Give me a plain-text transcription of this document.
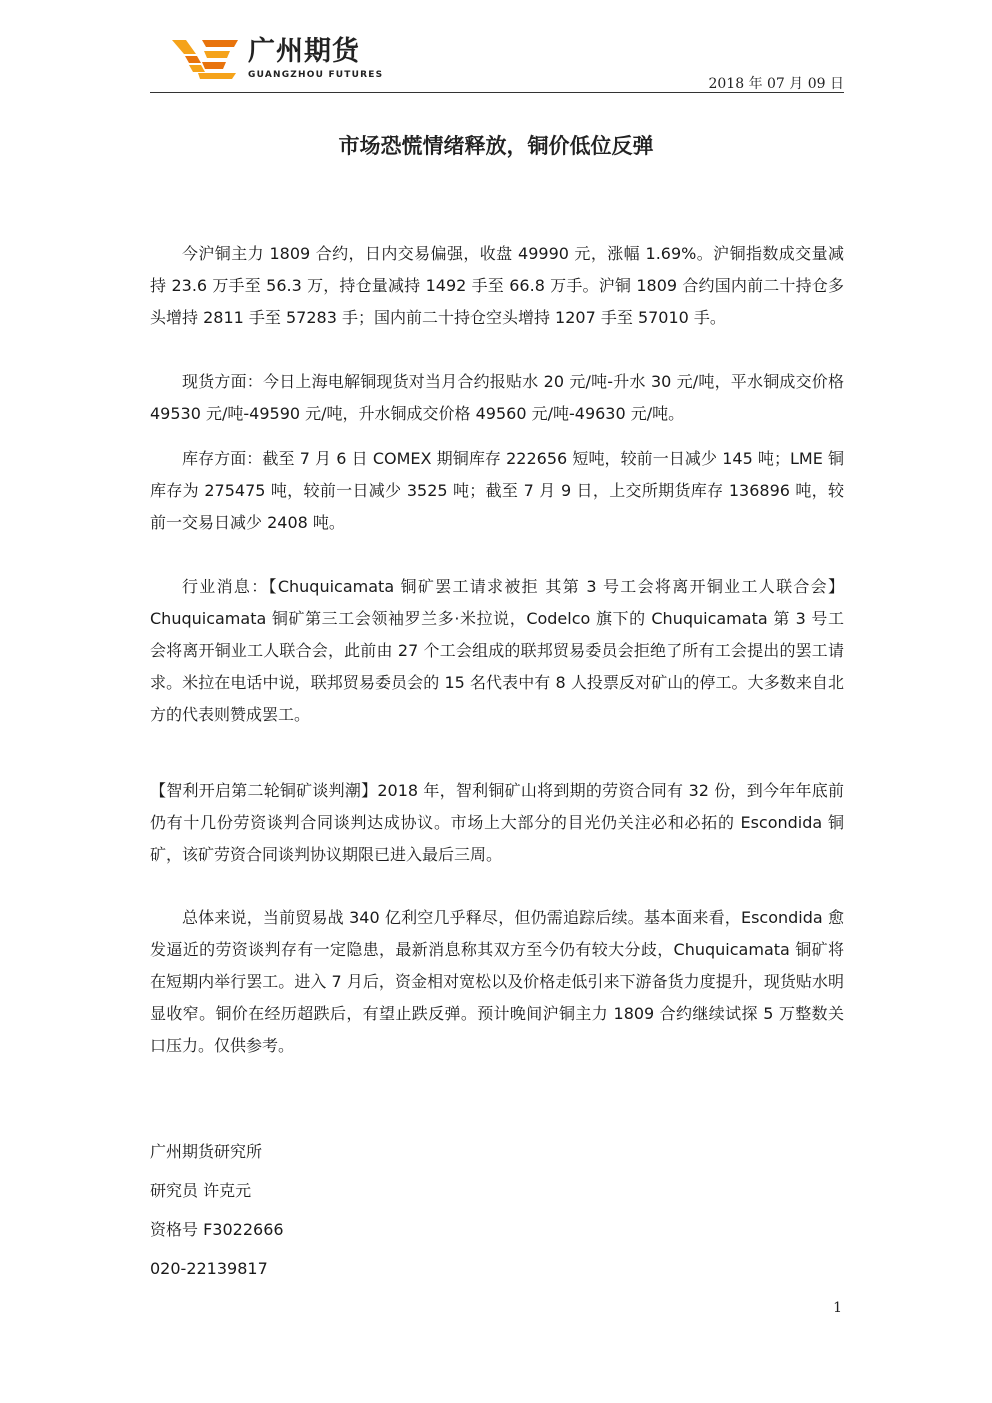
广州期货
GUANGZHOU FUTURES
2018 年 07 月 09 日
市场恐慌情绪释放，铜价低位反弹

今沪铜主力 1809 合约，日内交易偏强，收盘 49990 元，涨幅 1.69%。沪铜指数成交量减持 23.6 万手至 56.3 万，持仓量减持 1492 手至 66.8 万手。沪铜 1809 合约国内前二十持仓多头增持 2811 手至 57283 手；国内前二十持仓空头增持 1207 手至 57010 手。

现货方面：今日上海电解铜现货对当月合约报贴水 20 元/吨-升水 30 元/吨，平水铜成交价格 49530 元/吨-49590 元/吨，升水铜成交价格 49560 元/吨-49630 元/吨。

库存方面：截至 7 月 6 日 COMEX 期铜库存 222656 短吨，较前一日减少 145 吨；LME 铜库存为 275475 吨，较前一日减少 3525 吨；截至 7 月 9 日，上交所期货库存 136896 吨，较前一交易日减少 2408 吨。

行业消息：【Chuquicamata 铜矿罢工请求被拒 其第 3 号工会将离开铜业工人联合会】Chuquicamata 铜矿第三工会领袖罗兰多·米拉说，Codelco 旗下的 Chuquicamata 第 3 号工会将离开铜业工人联合会，此前由 27 个工会组成的联邦贸易委员会拒绝了所有工会提出的罢工请求。米拉在电话中说，联邦贸易委员会的 15 名代表中有 8 人投票反对矿山的停工。大多数来自北方的代表则赞成罢工。

【智利开启第二轮铜矿谈判潮】2018 年，智利铜矿山将到期的劳资合同有 32 份，到今年年底前仍有十几份劳资谈判合同谈判达成协议。市场上大部分的目光仍关注必和必拓的 Escondida 铜矿，该矿劳资合同谈判协议期限已进入最后三周。

总体来说，当前贸易战 340 亿利空几乎释尽，但仍需追踪后续。基本面来看，Escondida 愈发逼近的劳资谈判存有一定隐患，最新消息称其双方至今仍有较大分歧，Chuquicamata 铜矿将在短期内举行罢工。进入 7 月后，资金相对宽松以及价格走低引来下游备货力度提升，现货贴水明显收窄。铜价在经历超跌后，有望止跌反弹。预计晚间沪铜主力 1809 合约继续试探 5 万整数关口压力。仅供参考。

广州期货研究所

研究员 许克元

资格号 F3022666

020-22139817

1
